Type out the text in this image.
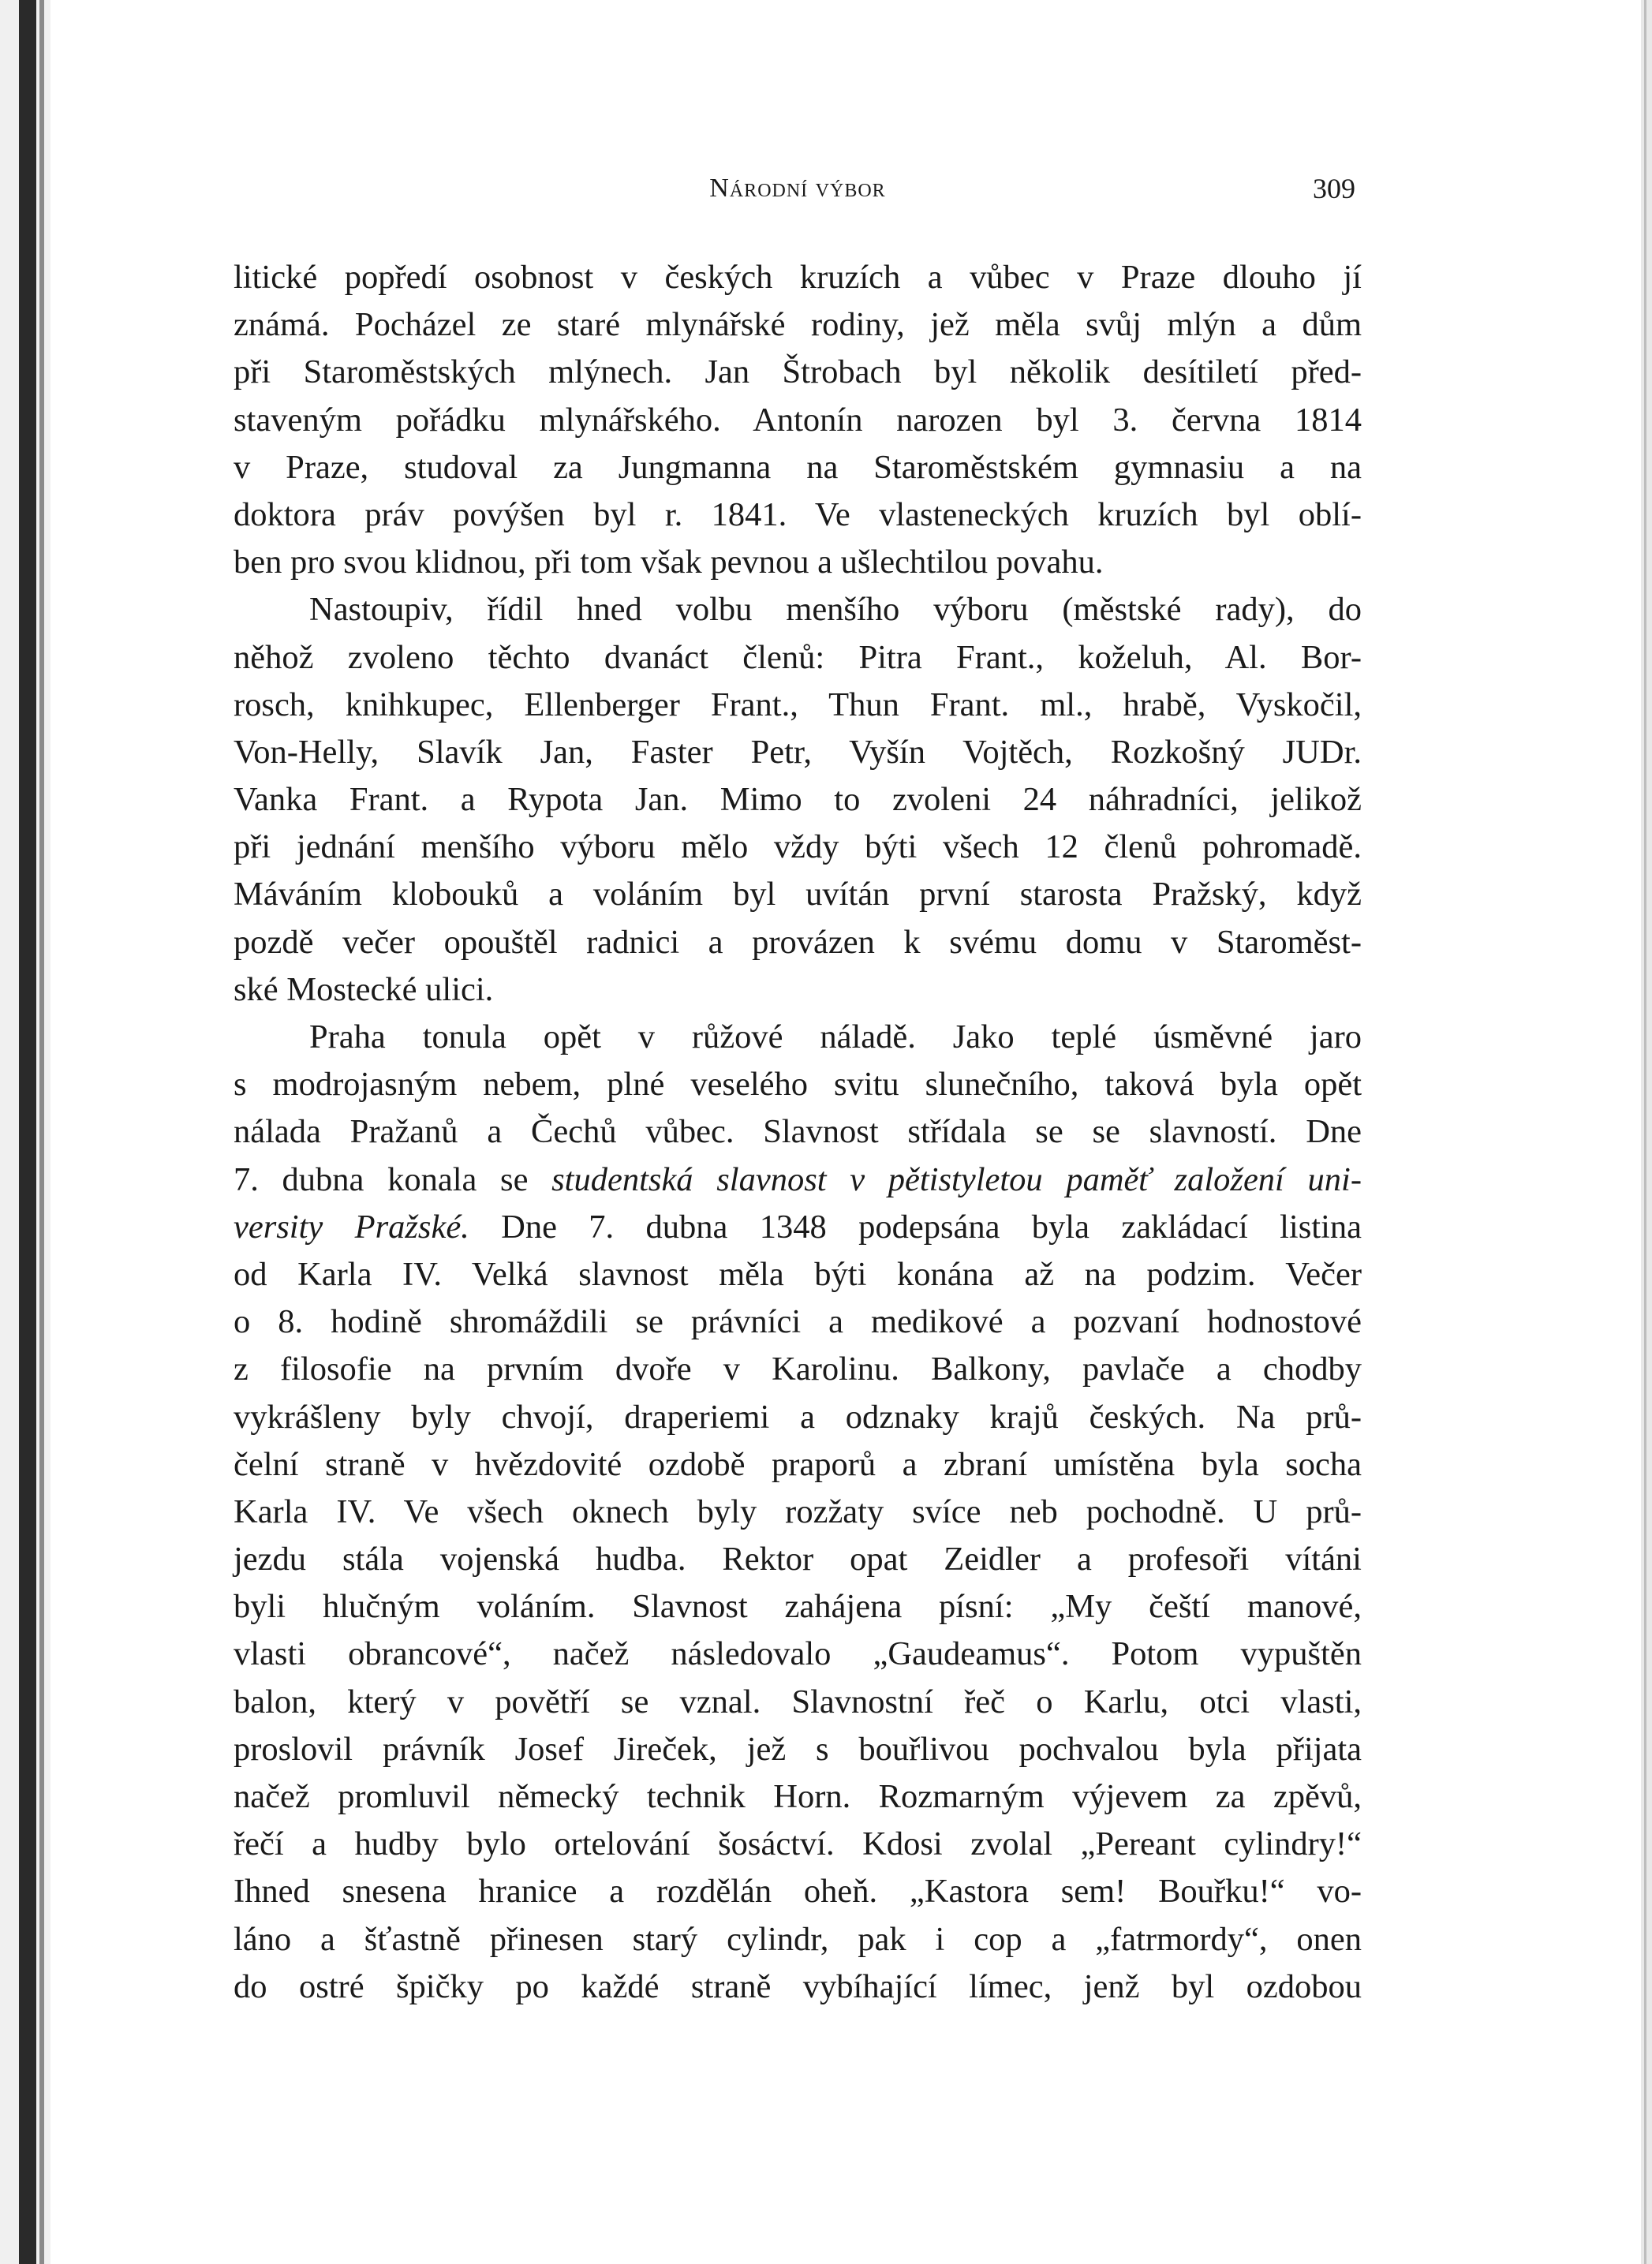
Národní výbor	309
litické popředí osobnost v českých kruzích a vůbec v Praze dlouho jí
známá. Pocházel ze staré mlynářské rodiny, jež měla svůj mlýn a dům
při Staroměstských mlýnech. Jan Štrobach byl několik desítiletí před-
staveným pořádku mlynářského. Antonín narozen byl 3. června 1814
v Praze, studoval za Jungmanna na Staroměstském gymnasiu a na
doktora práv povýšen byl r. 1841. Ve vlasteneckých kruzích byl oblí-
ben pro svou klidnou, při tom však pevnou a ušlechtilou povahu.
Nastoupiv, řídil hned volbu menšího výboru (městské rady), do
něhož zvoleno těchto dvanáct členů: Pitra Frant., koželuh, Al. Bor-
rosch, knihkupec, Ellenberger Frant., Thun Frant. ml., hrabě, Vyskočil,
Von-Helly, Slavík Jan, Faster Petr, Vyšín Vojtěch, Rozkošný JUDr.
Vanka Frant. a Rypota Jan. Mimo to zvoleni 24 náhradníci, jelikož
při jednání menšího výboru mělo vždy býti všech 12 členů pohromadě.
Máváním klobouků a voláním byl uvítán první starosta Pražský, když
pozdě večer opouštěl radnici a provázen k svému domu v Staroměst-
ské Mostecké ulici.
Praha tonula opět v růžové náladě. Jako teplé úsměvné jaro
s modrojasným nebem, plné veselého svitu slunečního, taková byla opět
nálada Pražanů a Čechů vůbec. Slavnost střídala se se slavností. Dne
7. dubna konala se studentská slavnost v pětistyletou paměť založení uni-
versity Pražské. Dne 7. dubna 1348 podepsána byla zakládací listina
od Karla IV. Velká slavnost měla býti konána až na podzim. Večer
o 8. hodině shromáždili se právníci a medikové a pozvaní hodnostové
z filosofie na prvním dvoře v Karolinu. Balkony, pavlače a chodby
vykrášleny byly chvojí, draperiemi a odznaky krajů českých. Na prů-
čelní straně v hvězdovité ozdobě praporů a zbraní umístěna byla socha
Karla IV. Ve všech oknech byly rozžaty svíce neb pochodně. U prů-
jezdu stála vojenská hudba. Rektor opat Zeidler a profesoři vítáni
byli hlučným voláním. Slavnost zahájena písní: „My čeští manové,
vlasti obrancové“, načež následovalo „Gaudeamus“. Potom vypuštěn
balon, který v povětří se vznal. Slavnostní řeč o Karlu, otci vlasti,
proslovil právník Josef Jireček, jež s bouřlivou pochvalou byla přijata
načež promluvil německý technik Horn. Rozmarným výjevem za zpěvů,
řečí a hudby bylo ortelování šosáctví. Kdosi zvolal „Pereant cylindry!“
Ihned snesena hranice a rozdělán oheň. „Kastora sem! Bouřku!“ vo-
láno a šťastně přinesen starý cylindr, pak i cop a „fatrmordy“, onen
do ostré špičky po každé straně vybíhající límec, jenž byl ozdobou
